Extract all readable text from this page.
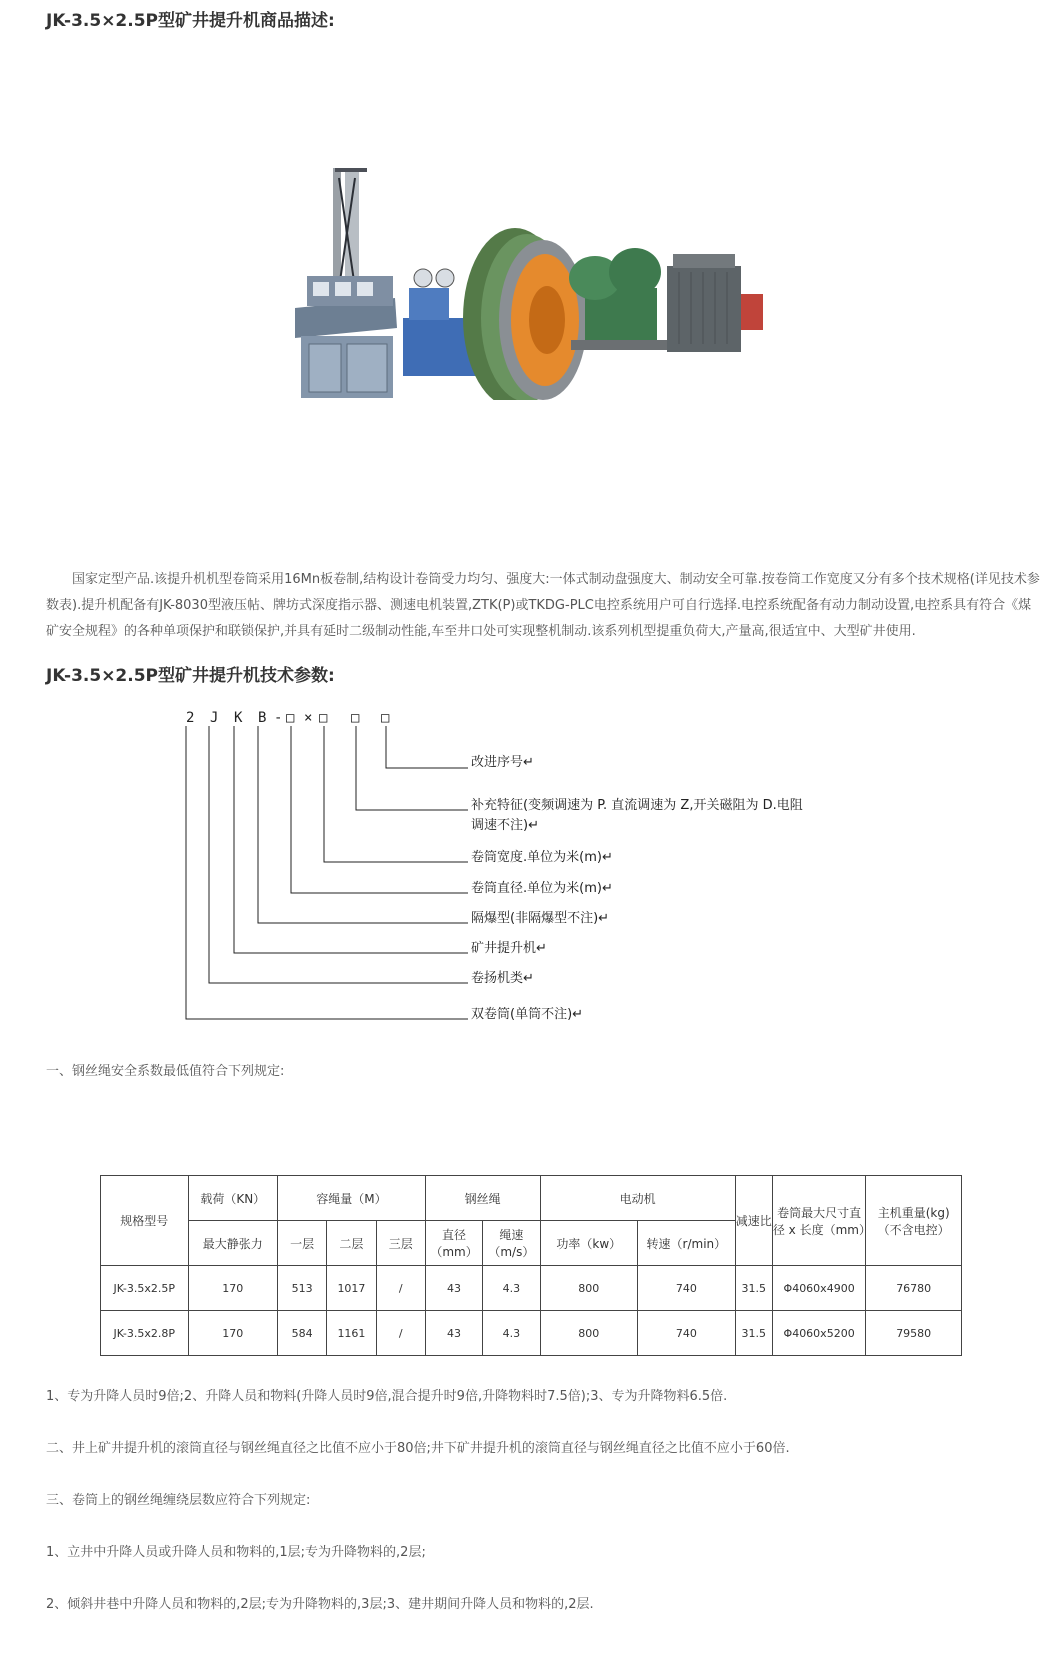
JK-3.5×2.5P型矿井提升机商品描述:

国家定型产品.该提升机机型卷筒采用16Mn板卷制,结构设计卷筒受力均匀、强度大:一体式制动盘强度大、制动安全可靠.按卷筒工作宽度又分有多个技术规格(详见技术参数表).提升机配备有JK-8030型液压帖、牌坊式深度指示器、测速电机装置,ZTK(P)或TKDG-PLC电控系统用户可自行选择.电控系统配备有动力制动设置,电控系具有符合《煤矿安全规程》的各种单项保护和联锁保护,并具有延时二级制动性能,车至井口处可实现整机制动.该系列机型提重负荷大,产量高,很适宜中、大型矿井使用.

JK-3.5×2.5P型矿井提升机技术参数:
2 J K B - □ × □ □ □
改进序号↵
补充特征(变频调速为 P. 直流调速为 Z,开关磁阻为 D.电阻
调速不注)↵
卷筒宽度.单位为米(m)↵
卷筒直径.单位为米(m)↵
隔爆型(非隔爆型不注)↵
矿井提升机↵
卷扬机类↵
双卷筒(单筒不注)↵

一、钢丝绳安全系数最低值符合下列规定:

规格型号	载荷（KN）	容绳量（M）			钢丝绳		电动机		减速比	卷筒最大尺寸直径 x 长度（mm）	主机重量(kg)（不含电控）
	最大静张力	一层	二层	三层	直径（mm）	绳速（m/s）	功率（kw）	转速（r/min）			
JK-3.5x2.5P	170	513	1017	/	43	4.3	800	740	31.5	Φ4060x4900	76780
JK-3.5x2.8P	170	584	1161	/	43	4.3	800	740	31.5	Φ4060x5200	79580

1、专为升降人员时9倍;2、升降人员和物料(升降人员时9倍,混合提升时9倍,升降物料时7.5倍);3、专为升降物料6.5倍.

二、井上矿井提升机的滚筒直径与钢丝绳直径之比值不应小于80倍;井下矿井提升机的滚筒直径与钢丝绳直径之比值不应小于60倍.

三、卷筒上的钢丝绳缠绕层数应符合下列规定:

1、立井中升降人员或升降人员和物料的,1层;专为升降物料的,2层;

2、倾斜井巷中升降人员和物料的,2层;专为升降物料的,3层;3、建井期间升降人员和物料的,2层.
